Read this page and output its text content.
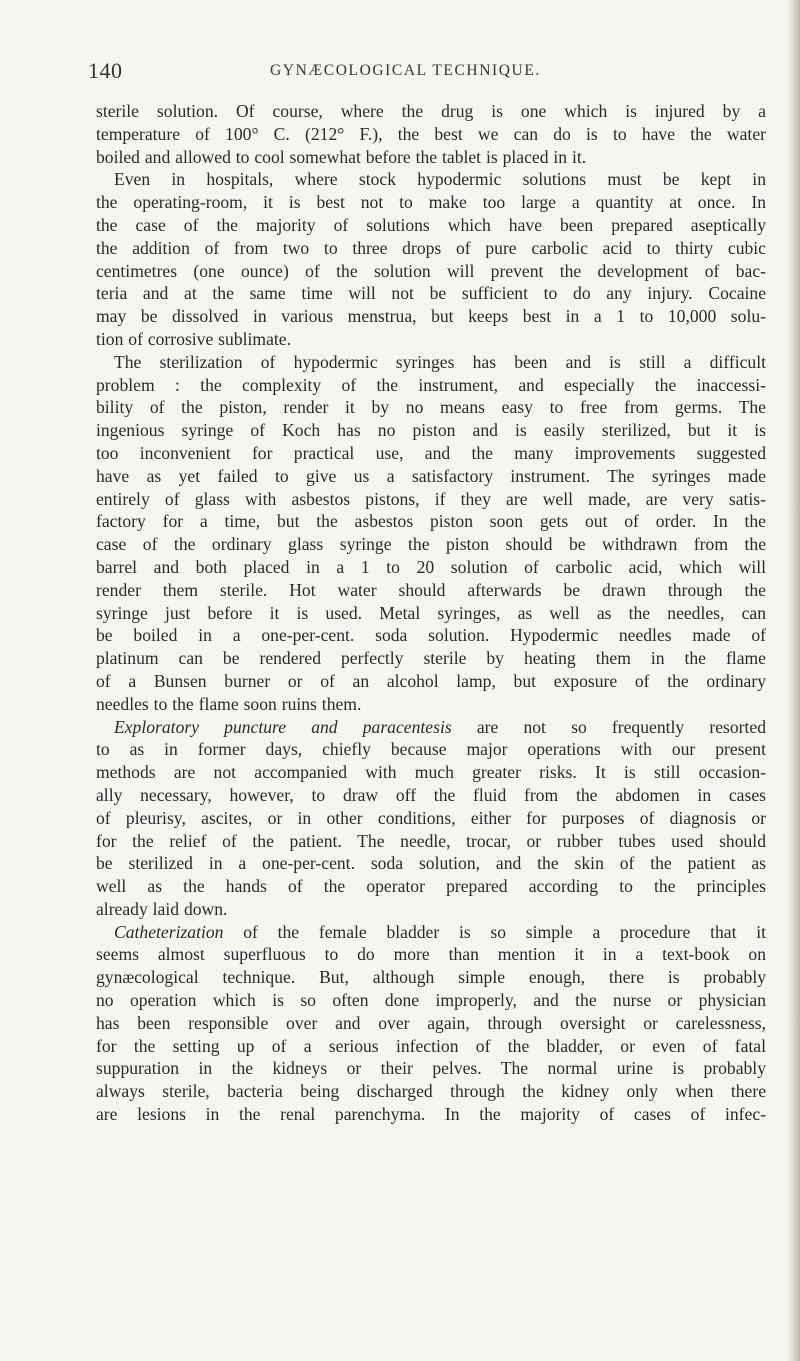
140	GYNÆCOLOGICAL TECHNIQUE.
sterile solution. Of course, where the drug is one which is injured by a
temperature of 100° C. (212° F.), the best we can do is to have the water
boiled and allowed to cool somewhat before the tablet is placed in it.
Even in hospitals, where stock hypodermic solutions must be kept in
the operating-room, it is best not to make too large a quantity at once. In
the case of the majority of solutions which have been prepared aseptically
the addition of from two to three drops of pure carbolic acid to thirty cubic
centimetres (one ounce) of the solution will prevent the development of bac-
teria and at the same time will not be sufficient to do any injury. Cocaine
may be dissolved in various menstrua, but keeps best in a 1 to 10,000 solu-
tion of corrosive sublimate.
The sterilization of hypodermic syringes has been and is still a difficult
problem : the complexity of the instrument, and especially the inaccessi-
bility of the piston, render it by no means easy to free from germs. The
ingenious syringe of Koch has no piston and is easily sterilized, but it is
too inconvenient for practical use, and the many improvements suggested
have as yet failed to give us a satisfactory instrument. The syringes made
entirely of glass with asbestos pistons, if they are well made, are very satis-
factory for a time, but the asbestos piston soon gets out of order. In the
case of the ordinary glass syringe the piston should be withdrawn from the
barrel and both placed in a 1 to 20 solution of carbolic acid, which will
render them sterile. Hot water should afterwards be drawn through the
syringe just before it is used. Metal syringes, as well as the needles, can
be boiled in a one-per-cent. soda solution. Hypodermic needles made of
platinum can be rendered perfectly sterile by heating them in the flame
of a Bunsen burner or of an alcohol lamp, but exposure of the ordinary
needles to the flame soon ruins them.
Exploratory puncture and paracentesis are not so frequently resorted
to as in former days, chiefly because major operations with our present
methods are not accompanied with much greater risks. It is still occasion-
ally necessary, however, to draw off the fluid from the abdomen in cases
of pleurisy, ascites, or in other conditions, either for purposes of diagnosis or
for the relief of the patient. The needle, trocar, or rubber tubes used should
be sterilized in a one-per-cent. soda solution, and the skin of the patient as
well as the hands of the operator prepared according to the principles
already laid down.
Catheterization of the female bladder is so simple a procedure that it
seems almost superfluous to do more than mention it in a text-book on
gynæcological technique. But, although simple enough, there is probably
no operation which is so often done improperly, and the nurse or physician
has been responsible over and over again, through oversight or carelessness,
for the setting up of a serious infection of the bladder, or even of fatal
suppuration in the kidneys or their pelves. The normal urine is probably
always sterile, bacteria being discharged through the kidney only when there
are lesions in the renal parenchyma. In the majority of cases of infec-
